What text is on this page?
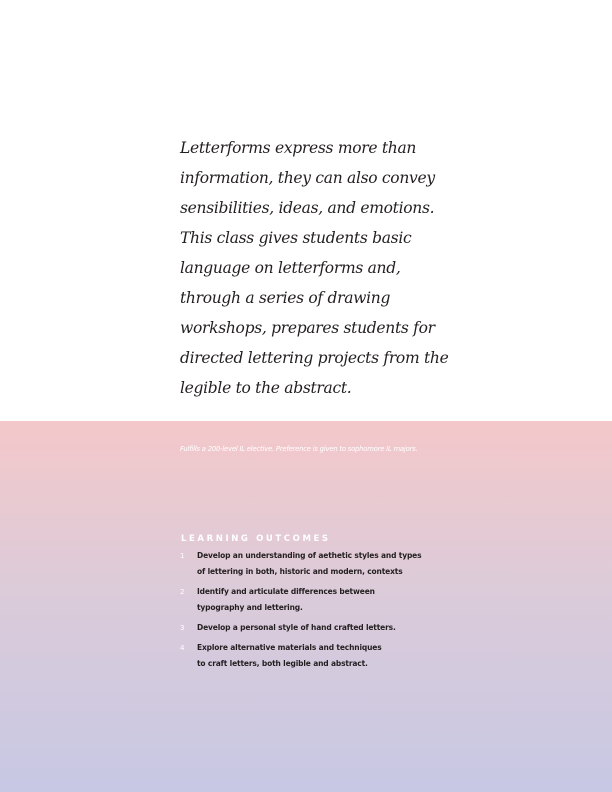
Letterforms express more than
information, they can also convey
sensibilities, ideas, and emotions.
This class gives students basic
language on letterforms and,
through a series of drawing
workshops, prepares students for
directed lettering projects from the
legible to the abstract.

Fulfills a 200-level IL elective. Preference is given to sophomore IL majors.

LEARNING OUTCOMES
1 Develop an understanding of aethetic styles and types
of lettering in both, historic and modern, contexts
2 Identify and articulate differences between
typography and lettering.
3 Develop a personal style of hand crafted letters.
4 Explore alternative materials and techniques
to craft letters, both legible and abstract.
